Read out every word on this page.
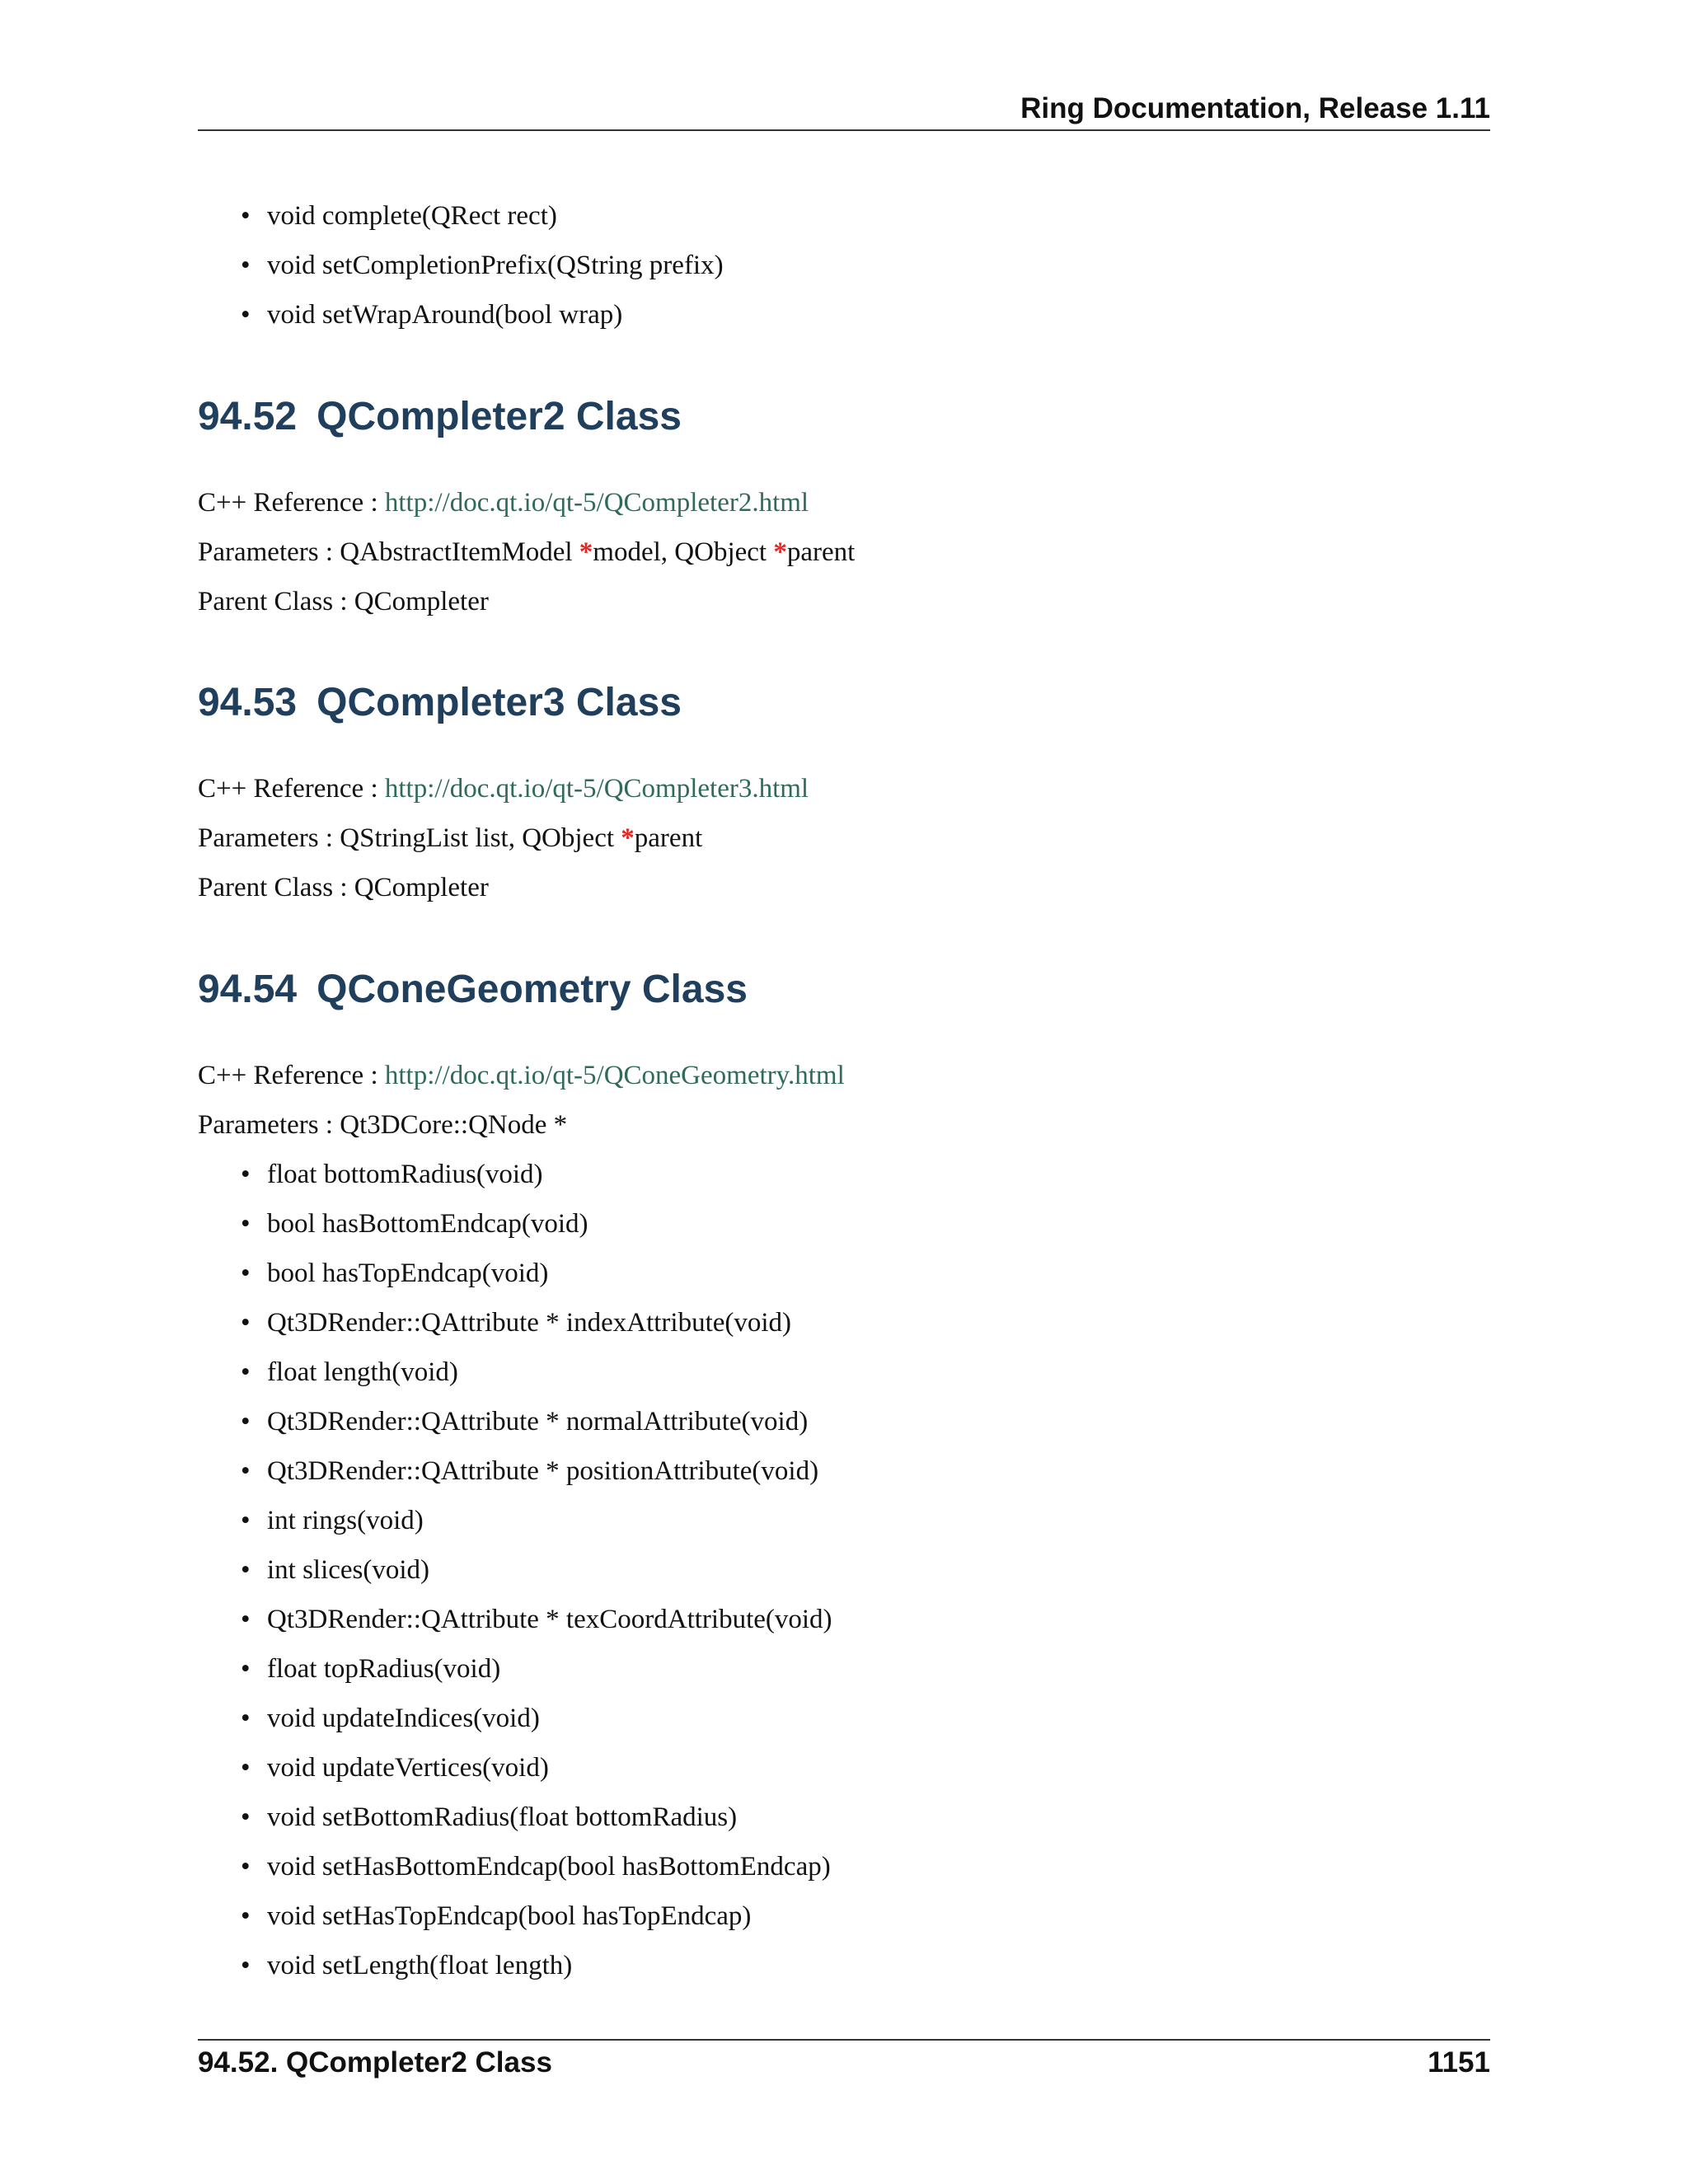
Ring Documentation, Release 1.11
• void complete(QRect rect)
• void setCompletionPrefix(QString prefix)
• void setWrapAround(bool wrap)
94.52 QCompleter2 Class
C++ Reference : http://doc.qt.io/qt-5/QCompleter2.html
Parameters : QAbstractItemModel *model, QObject *parent
Parent Class : QCompleter
94.53 QCompleter3 Class
C++ Reference : http://doc.qt.io/qt-5/QCompleter3.html
Parameters : QStringList list, QObject *parent
Parent Class : QCompleter
94.54 QConeGeometry Class
C++ Reference : http://doc.qt.io/qt-5/QConeGeometry.html
Parameters : Qt3DCore::QNode *
• float bottomRadius(void)
• bool hasBottomEndcap(void)
• bool hasTopEndcap(void)
• Qt3DRender::QAttribute * indexAttribute(void)
• float length(void)
• Qt3DRender::QAttribute * normalAttribute(void)
• Qt3DRender::QAttribute * positionAttribute(void)
• int rings(void)
• int slices(void)
• Qt3DRender::QAttribute * texCoordAttribute(void)
• float topRadius(void)
• void updateIndices(void)
• void updateVertices(void)
• void setBottomRadius(float bottomRadius)
• void setHasBottomEndcap(bool hasBottomEndcap)
• void setHasTopEndcap(bool hasTopEndcap)
• void setLength(float length)
94.52. QCompleter2 Class	1151
